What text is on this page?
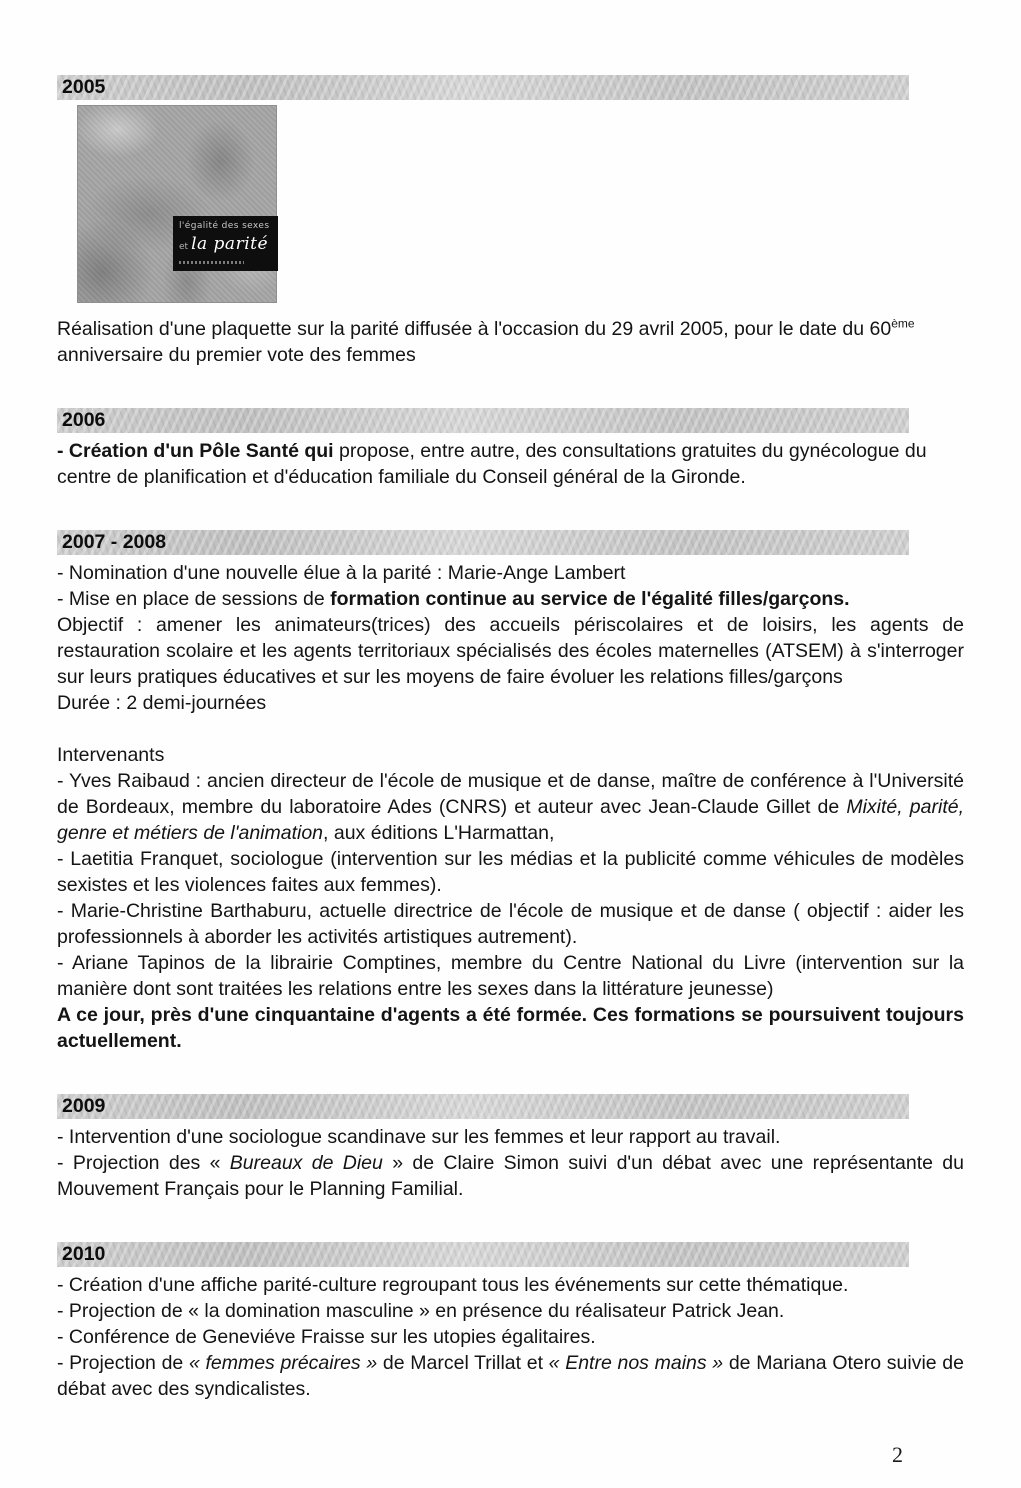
2005
l'égalité des sexes
et la parité

Réalisation d'une plaquette sur la parité diffusée à l'occasion du 29 avril 2005, pour le date du 60ème anniversaire du premier vote des femmes

2006

- Création d'un Pôle Santé qui propose, entre autre, des consultations gratuites du gynécologue du centre de planification et d'éducation familiale du Conseil général de la Gironde.

2007 - 2008

- Nomination d'une nouvelle élue à la parité : Marie-Ange Lambert

- Mise en place de sessions de formation continue au service de l'égalité filles/garçons.

Objectif : amener les animateurs(trices) des accueils périscolaires et de loisirs, les agents de restauration scolaire et les agents territoriaux spécialisés des écoles maternelles (ATSEM) à s'interroger sur leurs pratiques éducatives et sur les moyens de faire évoluer les relations filles/garçons

Durée : 2 demi-journées

Intervenants

- Yves Raibaud : ancien directeur de l'école de musique et de danse, maître de conférence à l'Université de Bordeaux, membre du laboratoire Ades (CNRS) et auteur avec Jean-Claude Gillet de Mixité, parité, genre et métiers de l'animation, aux éditions L'Harmattan,

- Laetitia Franquet, sociologue (intervention sur les médias et la publicité comme véhicules de modèles sexistes et les violences faites aux femmes).

- Marie-Christine Barthaburu, actuelle directrice de l'école de musique et de danse ( objectif : aider les professionnels à aborder les activités artistiques autrement).

- Ariane Tapinos de la librairie Comptines, membre du Centre National du Livre (intervention sur la manière dont sont traitées les relations entre les sexes dans la littérature jeunesse)

A ce jour, près d'une cinquantaine d'agents a été formée. Ces formations se poursuivent toujours actuellement.

2009

- Intervention d'une sociologue scandinave sur les femmes et leur rapport au travail.

- Projection des « Bureaux de Dieu » de Claire Simon suivi d'un débat avec une représentante du Mouvement Français pour le Planning Familial.

2010

- Création d'une affiche parité-culture regroupant tous les événements sur cette thématique.

- Projection de « la domination masculine » en présence du réalisateur Patrick Jean.

- Conférence de Geneviéve Fraisse sur les utopies égalitaires.

- Projection de « femmes précaires » de Marcel Trillat et « Entre nos mains » de Mariana Otero suivie de débat avec des syndicalistes.

2
